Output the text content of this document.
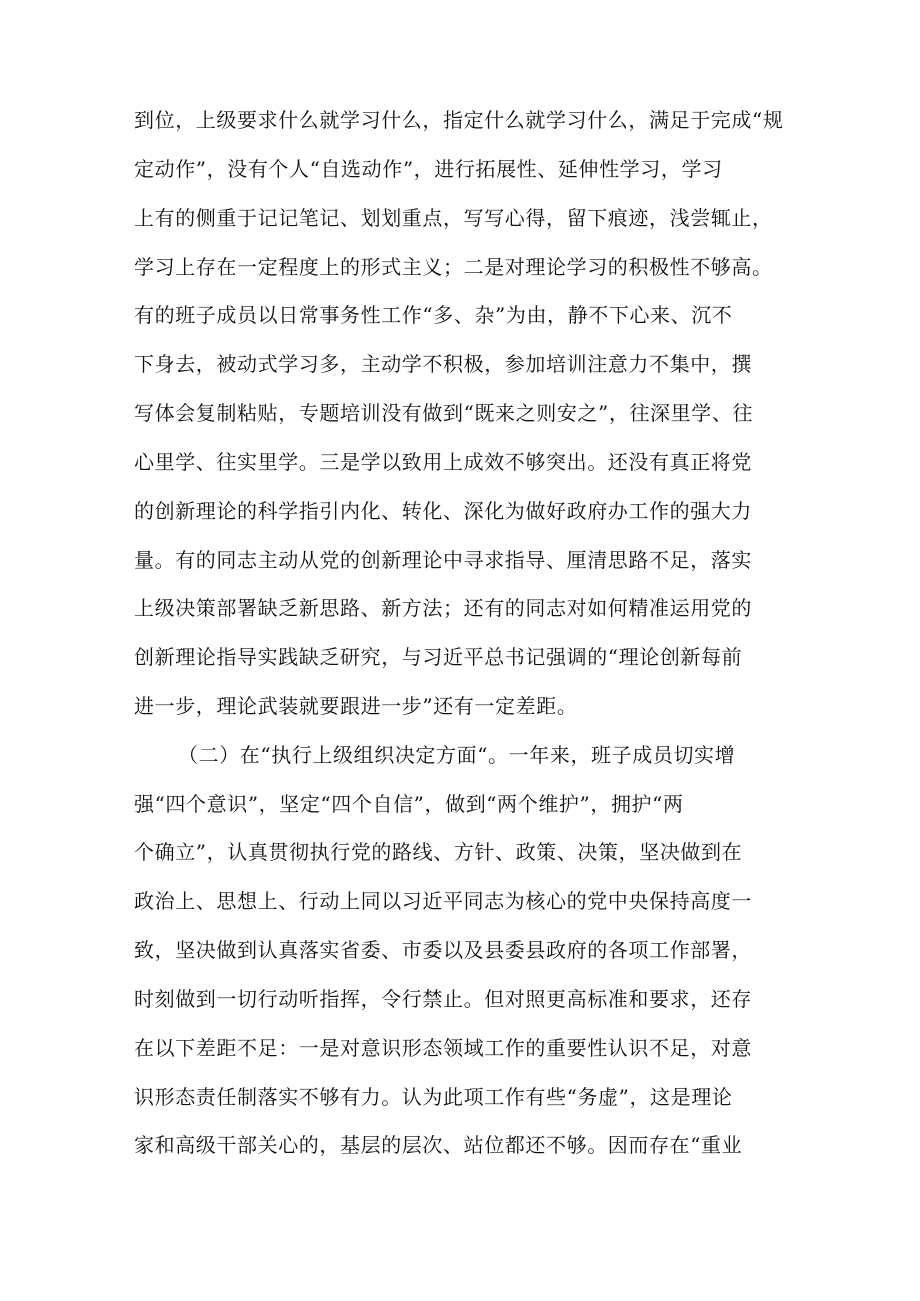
到位，上级要求什么就学习什么，指定什么就学习什么，满足于完成“规
定动作”，没有个人“自选动作”，进行拓展性、延伸性学习，学习
上有的侧重于记记笔记、划划重点，写写心得，留下痕迹，浅尝辄止，
学习上存在一定程度上的形式主义；二是对理论学习的积极性不够高。
有的班子成员以日常事务性工作“多、杂”为由，静不下心来、沉不
下身去，被动式学习多，主动学不积极，参加培训注意力不集中，撰
写体会复制粘贴，专题培训没有做到“既来之则安之”，往深里学、往
心里学、往实里学。三是学以致用上成效不够突出。还没有真正将党
的创新理论的科学指引内化、转化、深化为做好政府办工作的强大力
量。有的同志主动从党的创新理论中寻求指导、厘清思路不足，落实
上级决策部署缺乏新思路、新方法；还有的同志对如何精准运用党的
创新理论指导实践缺乏研究，与习近平总书记强调的“理论创新每前
进一步，理论武装就要跟进一步”还有一定差距。
（二）在“执行上级组织决定方面“。一年来，班子成员切实增
强“四个意识”，坚定“四个自信”，做到“两个维护”，拥护“两
个确立”，认真贯彻执行党的路线、方针、政策、决策，坚决做到在
政治上、思想上、行动上同以习近平同志为核心的党中央保持高度一
致，坚决做到认真落实省委、市委以及县委县政府的各项工作部署，
时刻做到一切行动听指挥，令行禁止。但对照更高标准和要求，还存
在以下差距不足：一是对意识形态领域工作的重要性认识不足，对意
识形态责任制落实不够有力。认为此项工作有些“务虚”，这是理论
家和高级干部关心的，基层的层次、站位都还不够。因而存在“重业
